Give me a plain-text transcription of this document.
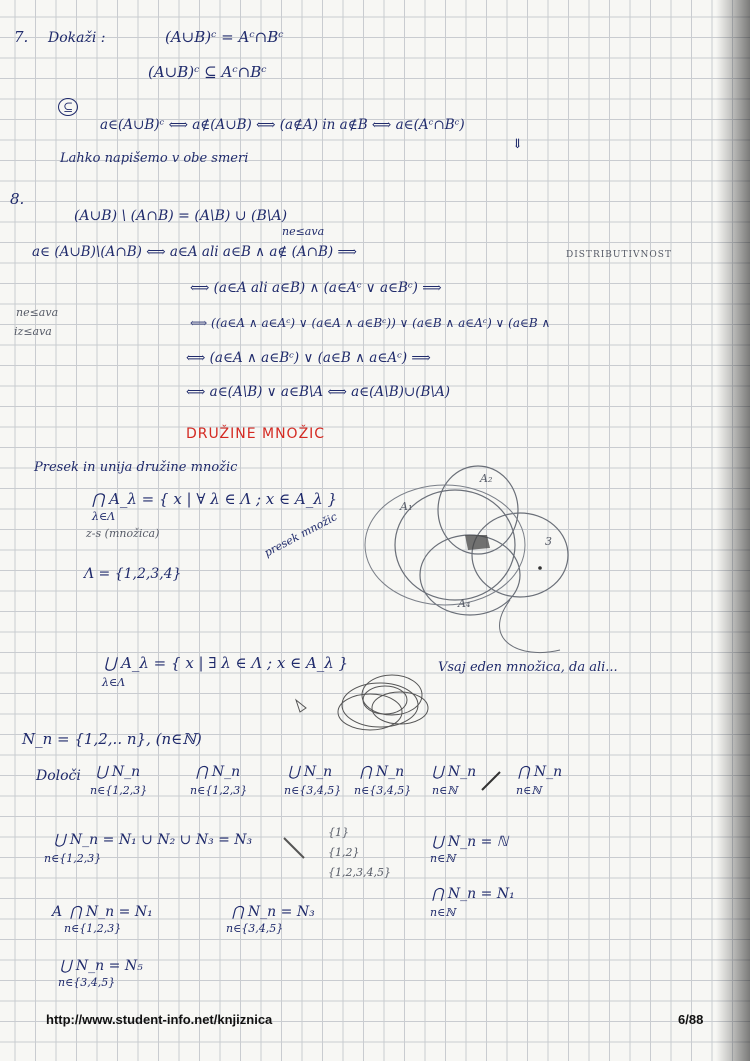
7. Dokaži :	(A∪B)ᶜ = Aᶜ∩Bᶜ
(A∪B)ᶜ ⊆ Aᶜ∩Bᶜ
⊆
a∈(A∪B)ᶜ ⟺ a∉(A∪B) ⟺ (a∉A) in a∉B ⟺ a∈(Aᶜ∩Bᶜ)
⇓
Lahko napišemo v obe smeri
8.
(A∪B) \ (A∩B) = (A\B) ∪ (B\A)
ne≤ava
a∈ (A∪B)\(A∩B) ⟺ a∈A ali a∈B ∧ a∉ (A∩B) ⟹	DISTRIBUTIVNOST
ne≤ava
iz≤ava
⟺ (a∈A ali a∈B) ∧ (a∈Aᶜ ∨ a∈Bᶜ) ⟹
⟺ ((a∈A ∧ a∈Aᶜ) ∨ (a∈A ∧ a∈Bᶜ)) ∨ (a∈B ∧ a∈Aᶜ) ∨ (a∈B ∧
⟺ (a∈A ∧ a∈Bᶜ) ∨ (a∈B ∧ a∈Aᶜ) ⟹
⟺ a∈(A\B) ∨ a∈B\A ⟺ a∈(A\B)∪(B\A)
DRUŽINE MNOŽIC
Presek in unija družine množic
⋂ A_λ = { x | ∀ λ ∈ Λ ; x ∈ A_λ }
λ∈Λ
z-s (množica)	presek množic
Λ = {1,2,3,4}
A₁
A₂
3
A₄
⋃ A_λ = { x | ∃ λ ∈ Λ ; x ∈ A_λ }
λ∈Λ
Vsaj eden množica, da ali...
N_n = {1,2,.. n}, (n∈ℕ)
Določi ⋃ N_n
n∈{1,2,3}
⋂ N_n
n∈{1,2,3}
⋃ N_n
n∈{3,4,5}
⋂ N_n
n∈{3,4,5}
⋃ N_n
n∈ℕ
⋂ N_n
n∈ℕ
⋃ N_n = N₁ ∪ N₂ ∪ N₃ = N₃
n∈{1,2,3}
{1}
{1,2}
{1,2,3,4,5}
⋃ N_n = ℕ
n∈ℕ
⋂ N_n = N₁
n∈ℕ
A ⋂ N_n = N₁
n∈{1,2,3}
⋂ N_n = N₃
n∈{3,4,5}
⋃ N_n = N₅
n∈{3,4,5}
http://www.student-info.net/knjiznica	6/88
